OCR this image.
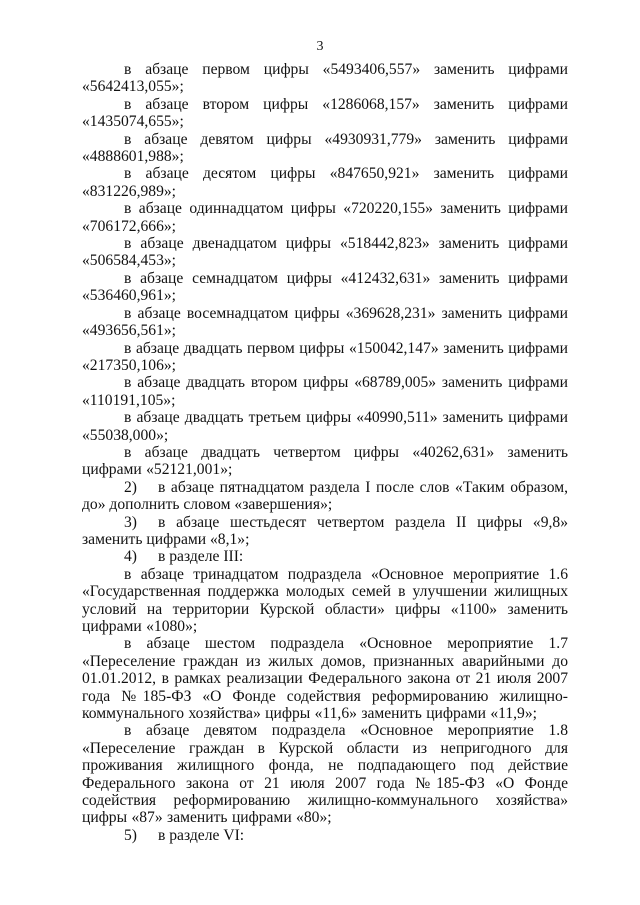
3

в абзаце первом цифры «5493406,557» заменить цифрами «5642413,055»;

в абзаце втором цифры «1286068,157» заменить цифрами «1435074,655»;

в абзаце девятом цифры «4930931,779» заменить цифрами «4888601,988»;

в абзаце десятом цифры «847650,921» заменить цифрами «831226,989»;

в абзаце одиннадцатом цифры «720220,155» заменить цифрами «706172,666»;

в абзаце двенадцатом цифры «518442,823» заменить цифрами «506584,453»;

в абзаце семнадцатом цифры «412432,631» заменить цифрами «536460,961»;

в абзаце восемнадцатом цифры «369628,231» заменить цифрами «493656,561»;

в абзаце двадцать первом цифры «150042,147» заменить цифрами «217350,106»;

в абзаце двадцать втором цифры «68789,005» заменить цифрами «110191,105»;

в абзаце двадцать третьем цифры «40990,511» заменить цифрами «55038,000»;

в абзаце двадцать четвертом цифры «40262,631» заменить цифрами «52121,001»;

2) в абзаце пятнадцатом раздела I после слов «Таким образом, до» дополнить словом «завершения»;

3) в абзаце шестьдесят четвертом раздела II цифры «9,8» заменить цифрами «8,1»;

4) в разделе III:

в абзаце тринадцатом подраздела «Основное мероприятие 1.6 «Государственная поддержка молодых семей в улучшении жилищных условий на территории Курской области» цифры «1100» заменить цифрами «1080»;

в абзаце шестом подраздела «Основное мероприятие 1.7 «Переселение граждан из жилых домов, признанных аварийными до 01.01.2012, в рамках реализации Федерального закона от 21 июля 2007 года №185-ФЗ «О Фонде содействия реформированию жилищно-коммунального хозяйства» цифры «11,6» заменить цифрами «11,9»;

в абзаце девятом подраздела «Основное мероприятие 1.8 «Переселение граждан в Курской области из непригодного для проживания жилищного фонда, не подпадающего под действие Федерального закона от 21 июля 2007 года №185-ФЗ «О Фонде содействия реформированию жилищно-коммунального хозяйства» цифры «87» заменить цифрами «80»;

5) в разделе VI:
